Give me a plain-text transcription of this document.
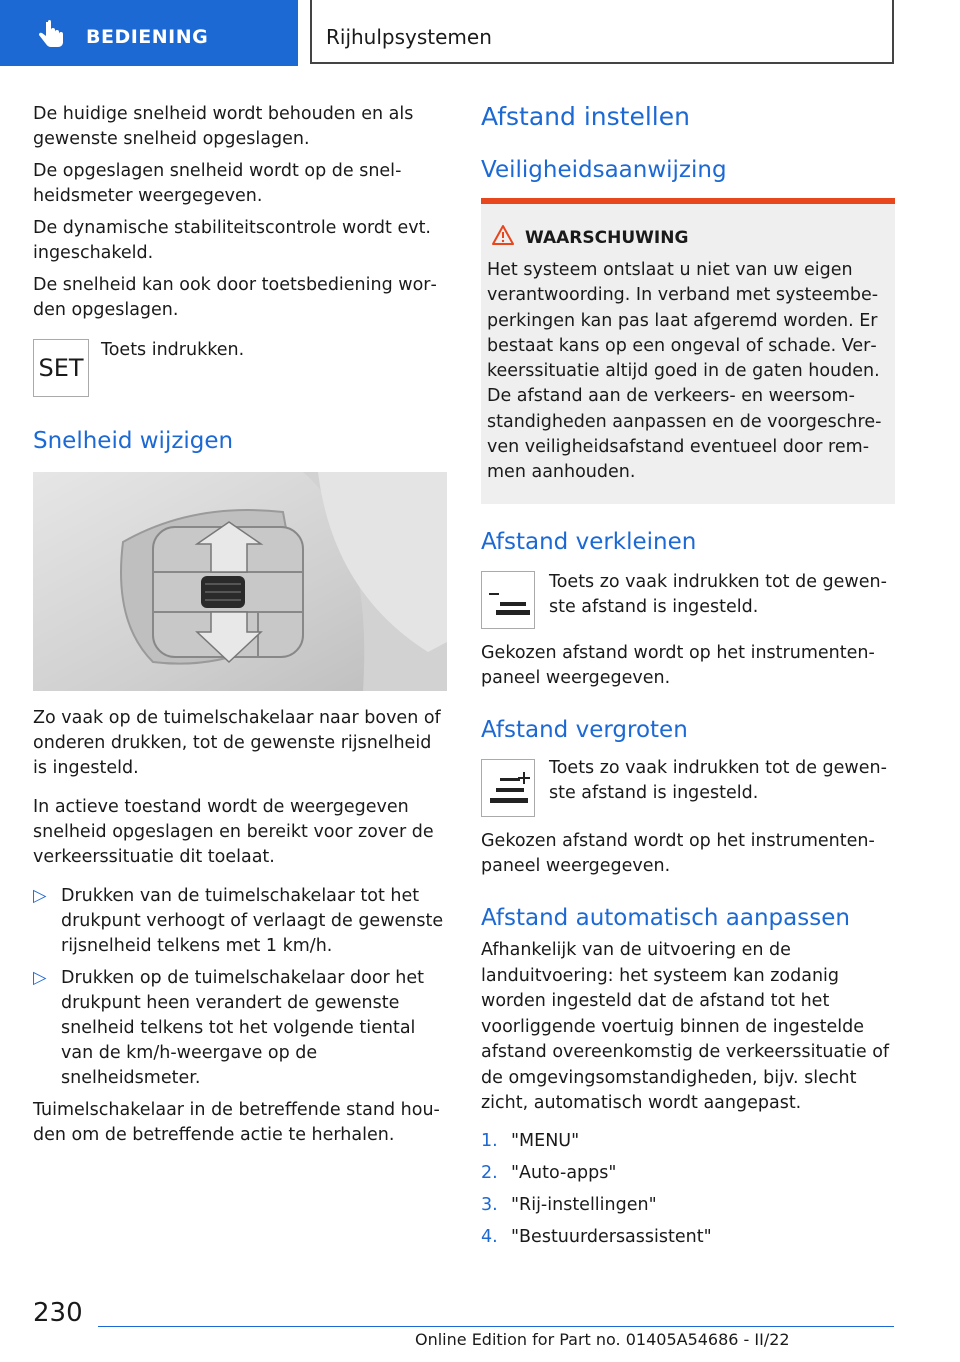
BEDIENING	Rijhulpsystemen

De huidige snelheid wordt behouden en als gewenste snelheid opgeslagen.

De opgeslagen snelheid wordt op de snelheidsmeter weergegeven.

De dynamische stabiliteitscontrole wordt evt. ingeschakeld.

De snelheid kan ook door toetsbediening worden opgeslagen.

SET
Toets indrukken.
Snelheid wijzigen

Zo vaak op de tuimelschakelaar naar boven of onderen drukken, tot de gewenste rijsnelheid is ingesteld.

In actieve toestand wordt de weergegeven snelheid opgeslagen en bereikt voor zover de verkeerssituatie dit toelaat.

▷ Drukken van de tuimelschakelaar tot het drukpunt verhoogt of verlaagt de gewenste rijsnelheid telkens met 1 km/h.
▷ Drukken op de tuimelschakelaar door het drukpunt heen verandert de gewenste snelheid telkens tot het volgende tiental van de km/h-weergave op de snelheidsmeter.

Tuimelschakelaar in de betreffende stand houden om de betreffende actie te herhalen.

Afstand instellen
Veiligheidsaanwijzing
WAARSCHUWING
Het systeem ontslaat u niet van uw eigen verantwoording. In verband met systeembeperkingen kan pas laat afgeremd worden. Er bestaat kans op een ongeval of schade. Verkeerssituatie altijd goed in de gaten houden. De afstand aan de verkeers- en weersomstandigheden aanpassen en de voorgeschreven veiligheidsafstand eventueel door remmen aanhouden.
Afstand verkleinen
Toets zo vaak indrukken tot de gewenste afstand is ingesteld.
Gekozen afstand wordt op het instrumentenpaneel weergegeven.
Afstand vergroten
Toets zo vaak indrukken tot de gewenste afstand is ingesteld.
Gekozen afstand wordt op het instrumentenpaneel weergegeven.
Afstand automatisch aanpassen
Afhankelijk van de uitvoering en de landuitvoering: het systeem kan zodanig worden ingesteld dat de afstand tot het voorliggende voertuig binnen de ingestelde afstand overeenkomstig de verkeerssituatie of de omgevingsomstandigheden, bijv. slecht zicht, automatisch wordt aangepast.
1. "MENU"
2. "Auto-apps"
3. "Rij-instellingen"
4. "Bestuurdersassistent"
230
Online Edition for Part no. 01405A54686 - II/22
